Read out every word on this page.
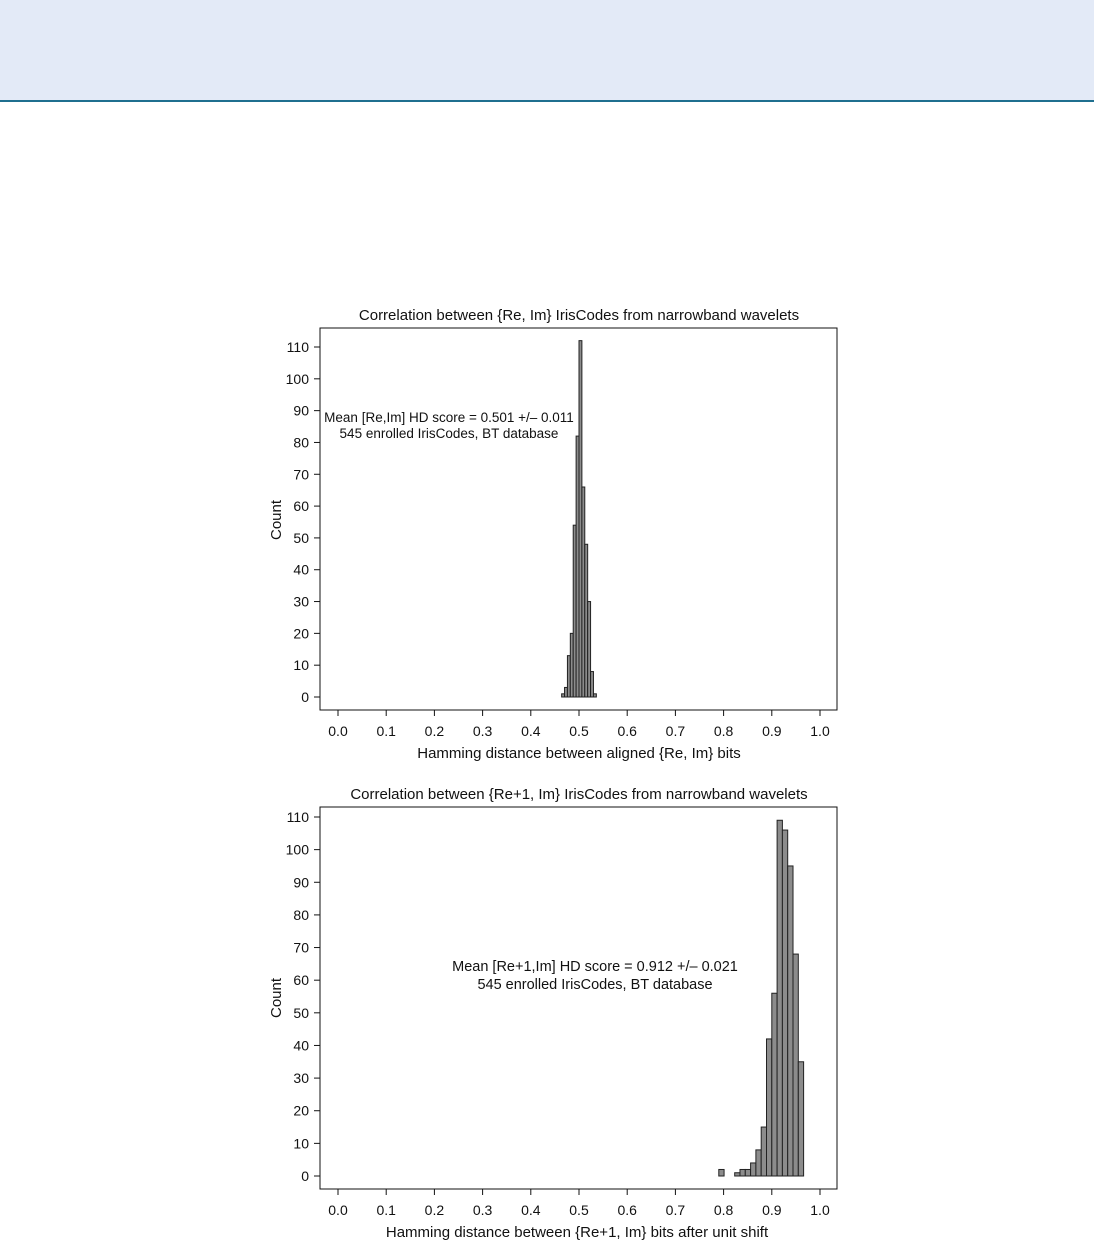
Correlation between {Re, Im} IrisCodes from narrowband wavelets
0
10
20
30
40
50
60
70
80
90
100
110
0.0 0.1 0.2 0.3 0.4 0.5 0.6 0.7 0.8 0.9 1.0
Mean [Re,Im] HD score = 0.501 +/– 0.011
545 enrolled IrisCodes, BT database
Hamming distance between aligned {Re, Im} bits
Count
Correlation between {Re+1, Im} IrisCodes from narrowband wavelets
0
10
20
30
40
50
60
70
80
90
100
110
0.0 0.1 0.2 0.3 0.4 0.5 0.6 0.7 0.8 0.9 1.0
Mean [Re+1,Im] HD score = 0.912 +/– 0.021
545 enrolled IrisCodes, BT database
Hamming distance between {Re+1, Im} bits after unit shift
Count
